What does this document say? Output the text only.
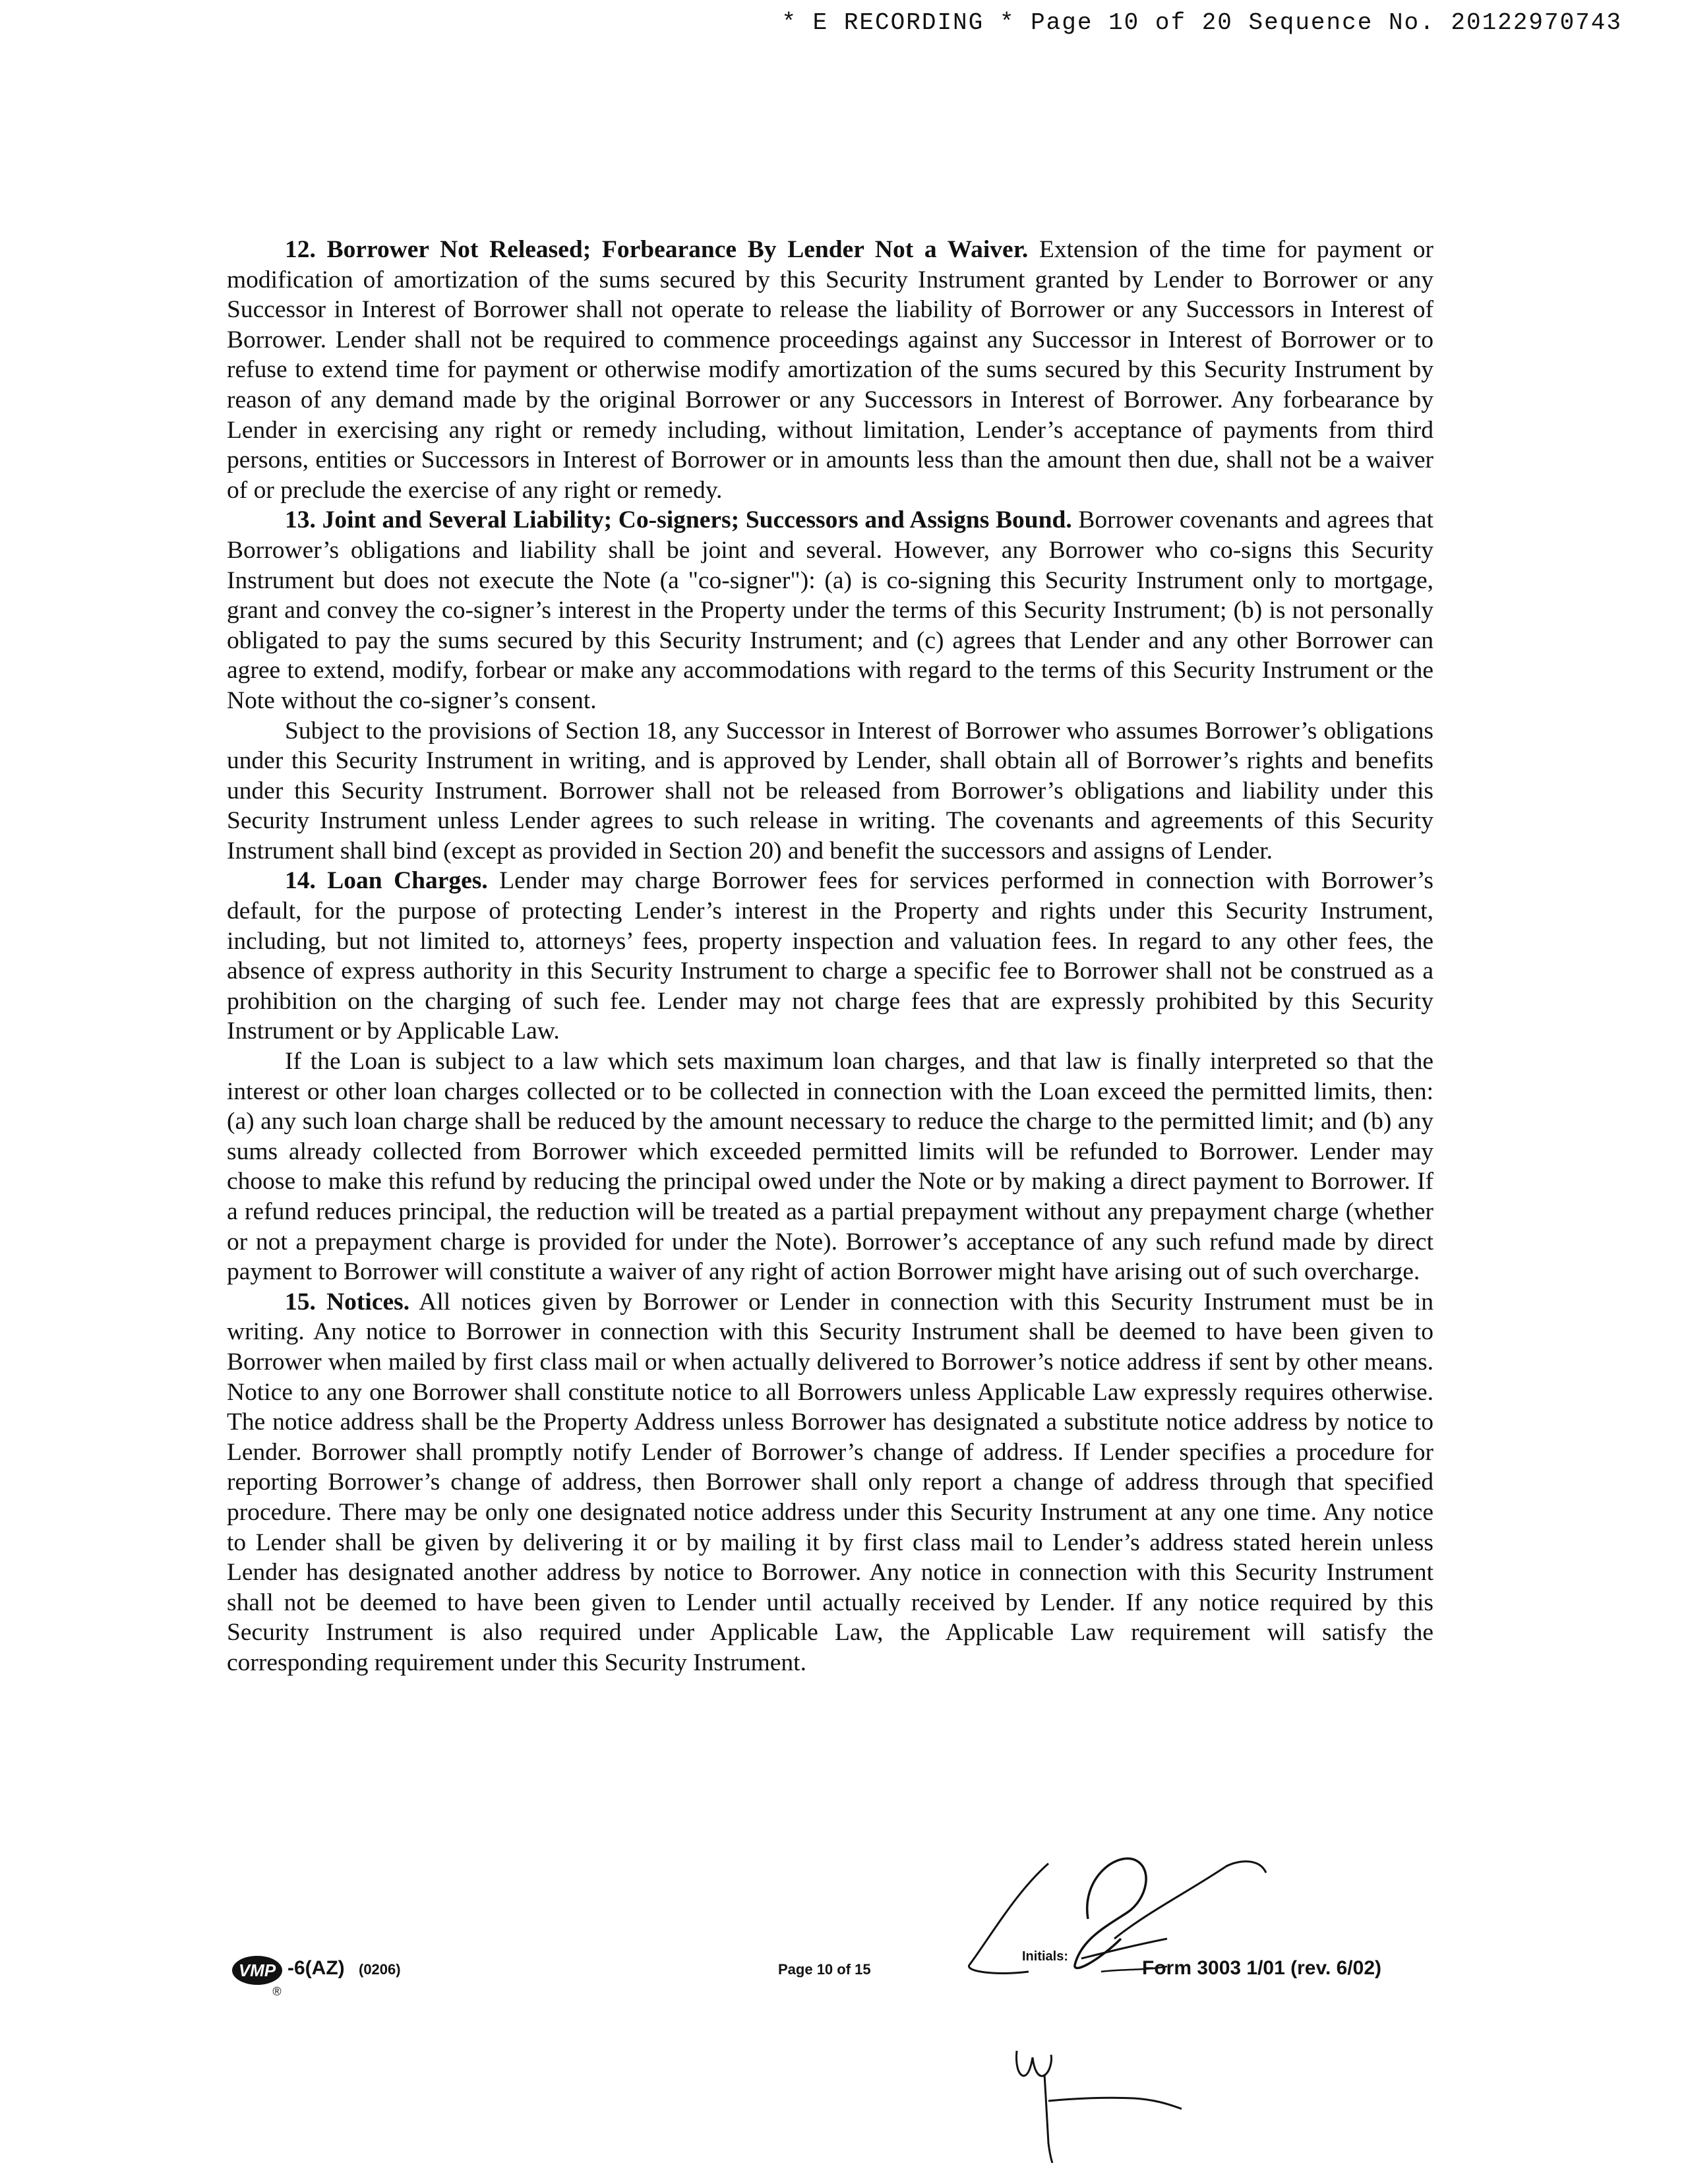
* E RECORDING * Page 10 of 20 Sequence No. 20122970743

12. Borrower Not Released; Forbearance By Lender Not a Waiver. Extension of the time for payment or modification of amortization of the sums secured by this Security Instrument granted by Lender to Borrower or any Successor in Interest of Borrower shall not operate to release the liability of Borrower or any Successors in Interest of Borrower. Lender shall not be required to commence proceedings against any Successor in Interest of Borrower or to refuse to extend time for payment or otherwise modify amortization of the sums secured by this Security Instrument by reason of any demand made by the original Borrower or any Successors in Interest of Borrower. Any forbearance by Lender in exercising any right or remedy including, without limitation, Lender’s acceptance of payments from third persons, entities or Successors in Interest of Borrower or in amounts less than the amount then due, shall not be a waiver of or preclude the exercise of any right or remedy.

13. Joint and Several Liability; Co-signers; Successors and Assigns Bound. Borrower covenants and agrees that Borrower’s obligations and liability shall be joint and several. However, any Borrower who co-signs this Security Instrument but does not execute the Note (a "co-signer"): (a) is co-signing this Security Instrument only to mortgage, grant and convey the co-signer’s interest in the Property under the terms of this Security Instrument; (b) is not personally obligated to pay the sums secured by this Security Instrument; and (c) agrees that Lender and any other Borrower can agree to extend, modify, forbear or make any accommodations with regard to the terms of this Security Instrument or the Note without the co-signer’s consent.

Subject to the provisions of Section 18, any Successor in Interest of Borrower who assumes Borrower’s obligations under this Security Instrument in writing, and is approved by Lender, shall obtain all of Borrower’s rights and benefits under this Security Instrument. Borrower shall not be released from Borrower’s obligations and liability under this Security Instrument unless Lender agrees to such release in writing. The covenants and agreements of this Security Instrument shall bind (except as provided in Section 20) and benefit the successors and assigns of Lender.

14. Loan Charges. Lender may charge Borrower fees for services performed in connection with Borrower’s default, for the purpose of protecting Lender’s interest in the Property and rights under this Security Instrument, including, but not limited to, attorneys’ fees, property inspection and valuation fees. In regard to any other fees, the absence of express authority in this Security Instrument to charge a specific fee to Borrower shall not be construed as a prohibition on the charging of such fee. Lender may not charge fees that are expressly prohibited by this Security Instrument or by Applicable Law.

If the Loan is subject to a law which sets maximum loan charges, and that law is finally interpreted so that the interest or other loan charges collected or to be collected in connection with the Loan exceed the permitted limits, then: (a) any such loan charge shall be reduced by the amount necessary to reduce the charge to the permitted limit; and (b) any sums already collected from Borrower which exceeded permitted limits will be refunded to Borrower. Lender may choose to make this refund by reducing the principal owed under the Note or by making a direct payment to Borrower. If a refund reduces principal, the reduction will be treated as a partial prepayment without any prepayment charge (whether or not a prepayment charge is provided for under the Note). Borrower’s acceptance of any such refund made by direct payment to Borrower will constitute a waiver of any right of action Borrower might have arising out of such overcharge.

15. Notices. All notices given by Borrower or Lender in connection with this Security Instrument must be in writing. Any notice to Borrower in connection with this Security Instrument shall be deemed to have been given to Borrower when mailed by first class mail or when actually delivered to Borrower’s notice address if sent by other means. Notice to any one Borrower shall constitute notice to all Borrowers unless Applicable Law expressly requires otherwise. The notice address shall be the Property Address unless Borrower has designated a substitute notice address by notice to Lender. Borrower shall promptly notify Lender of Borrower’s change of address. If Lender specifies a procedure for reporting Borrower’s change of address, then Borrower shall only report a change of address through that specified procedure. There may be only one designated notice address under this Security Instrument at any one time. Any notice to Lender shall be given by delivering it or by mailing it by first class mail to Lender’s address stated herein unless Lender has designated another address by notice to Borrower. Any notice in connection with this Security Instrument shall not be deemed to have been given to Lender until actually received by Lender. If any notice required by this Security Instrument is also required under Applicable Law, the Applicable Law requirement will satisfy the corresponding requirement under this Security Instrument.

VMP
®
-6(AZ) (0206)	Page 10 of 15
Initials:
Form 3003 1/01 (rev. 6/02)
